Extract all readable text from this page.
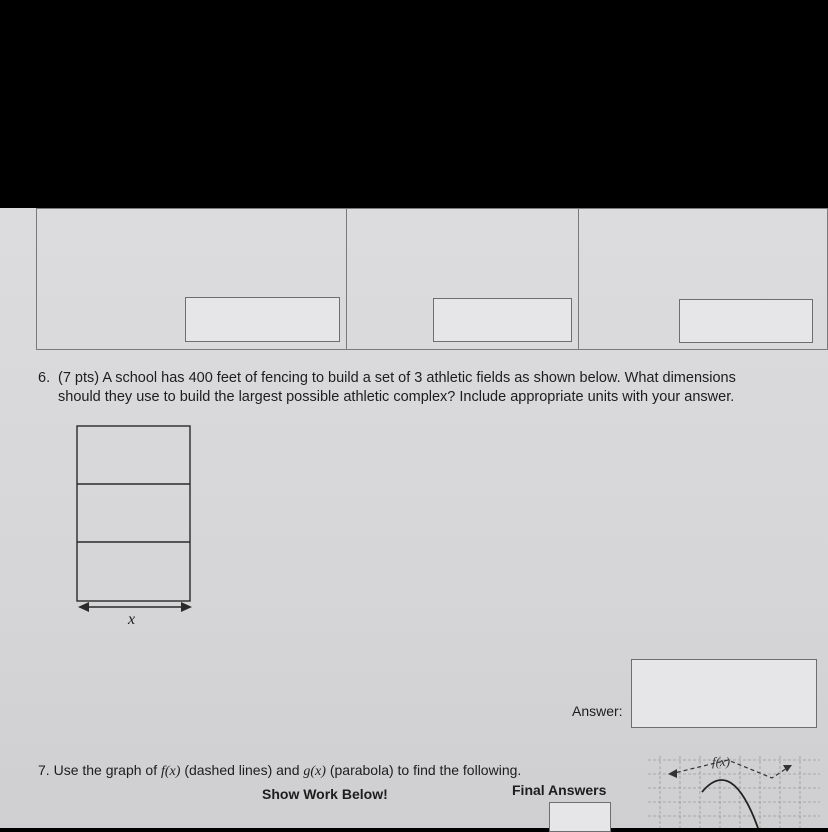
6. (7 pts) A school has 400 feet of fencing to build a set of 3 athletic fields as shown below. What dimensions
should they use to build the largest possible athletic complex? Include appropriate units with your answer.
x
Answer:
7. Use the graph of f(x) (dashed lines) and g(x) (parabola) to find the following.
Show Work Below!	Final Answers
f(x)
